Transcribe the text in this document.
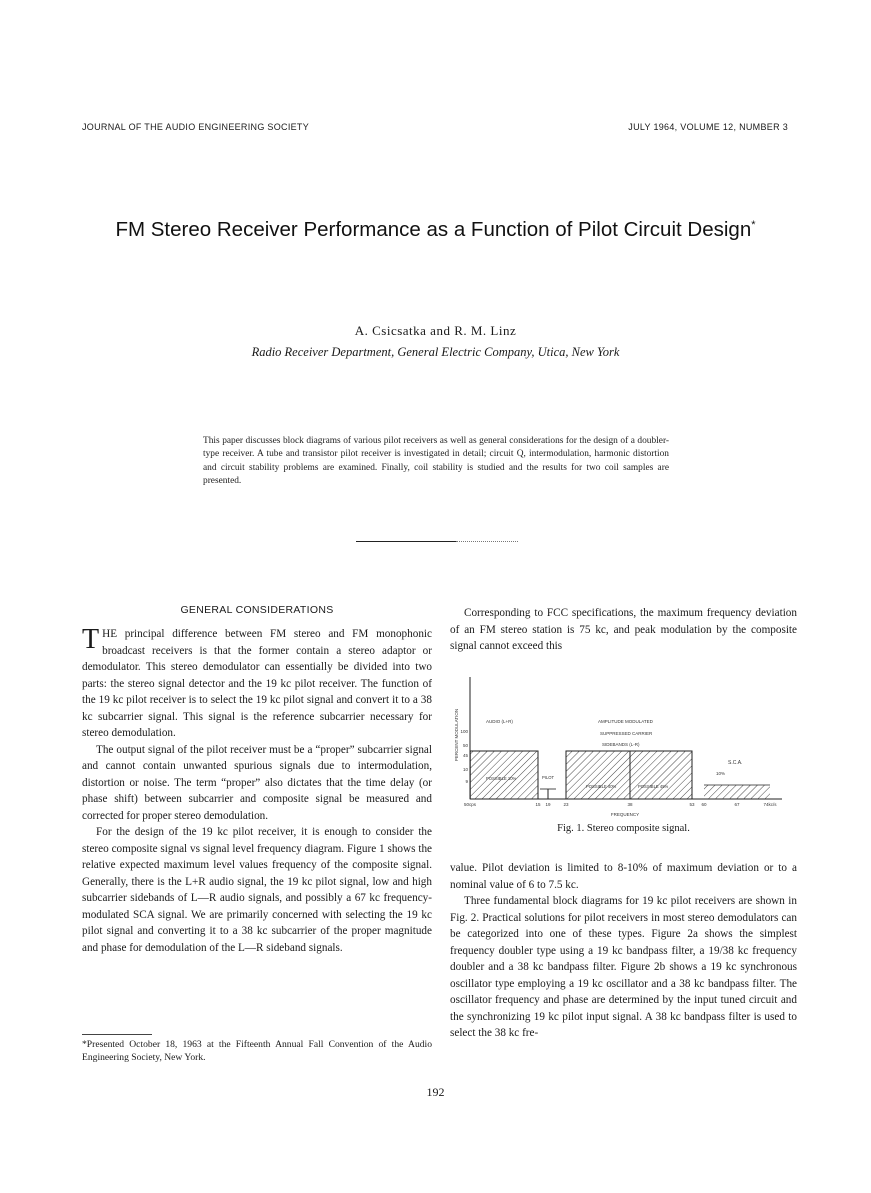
JOURNAL OF THE AUDIO ENGINEERING SOCIETY	JULY 1964, VOLUME 12, NUMBER 3
FM Stereo Receiver Performance as a Function of Pilot Circuit Design*
A. Csicsatka and R. M. Linz
Radio Receiver Department, General Electric Company, Utica, New York
This paper discusses block diagrams of various pilot receivers as well as general considerations for the design of a doubler-type receiver. A tube and transistor pilot receiver is investigated in detail; circuit Q, intermodulation, harmonic distortion and circuit stability problems are examined. Finally, coil stability is studied and the results for two coil samples are presented.
GENERAL CONSIDERATIONS

THE principal difference between FM stereo and FM monophonic broadcast receivers is that the former contain a stereo adaptor or demodulator. This stereo demodulator can essentially be divided into two parts: the stereo signal detector and the 19 kc pilot receiver. The function of the 19 kc pilot receiver is to select the 19 kc pilot signal and convert it to a 38 kc subcarrier signal. This signal is the reference subcarrier necessary for stereo demodulation.

The output signal of the pilot receiver must be a “proper” subcarrier signal and cannot contain unwanted spurious signals due to intermodulation, distortion or noise. The term “proper” also dictates that the time delay (or phase shift) between subcarrier and composite signal be measured and corrected for proper stereo demodulation.

For the design of the 19 kc pilot receiver, it is enough to consider the stereo composite signal vs signal level frequency diagram. Figure 1 shows the relative expected maximum level values frequency of the composite signal. Generally, there is the L+R audio signal, the 19 kc pilot signal, low and high subcarrier sidebands of L—R audio signals, and possibly a 67 kc frequency-modulated SCA signal. We are primarily concerned with selecting the 19 kc pilot signal and converting it to a 38 kc subcarrier of the proper magnitude and phase for demodulation of the L—R sideband signals.

*Presented October 18, 1963 at the Fifteenth Annual Fall Convention of the Audio Engineering Society, New York.

Corresponding to FCC specifications, the maximum frequency deviation of an FM stereo station is 75 kc, and peak modulation by the composite signal cannot exceed this

PERCENT MODULATION 100
50
45
10
9
AUDIO (L+R)	AMPLITUDE MODULATED
SUPPRESSED CARRIER
SIDEBANDS (L-R)
S.C.A.
10%
POSSIBLE 10%
POSSIBLE 40%	POSSIBLE 45%
PILOT
50cps	15 19	23	38	53 60	67	74kc/s
FREQUENCY
Fig. 1. Stereo composite signal.

value. Pilot deviation is limited to 8-10% of maximum deviation or to a nominal value of 6 to 7.5 kc.

Three fundamental block diagrams for 19 kc pilot receivers are shown in Fig. 2. Practical solutions for pilot receivers in most stereo demodulators can be categorized into one of these types. Figure 2a shows the simplest frequency doubler type using a 19 kc bandpass filter, a 19/38 kc frequency doubler and a 38 kc bandpass filter. Figure 2b shows a 19 kc synchronous oscillator type employing a 19 kc oscillator and a 38 kc bandpass filter. The oscillator frequency and phase are determined by the input tuned circuit and the synchronizing 19 kc pilot input signal. A 38 kc bandpass filter is used to select the 38 kc fre-

192
